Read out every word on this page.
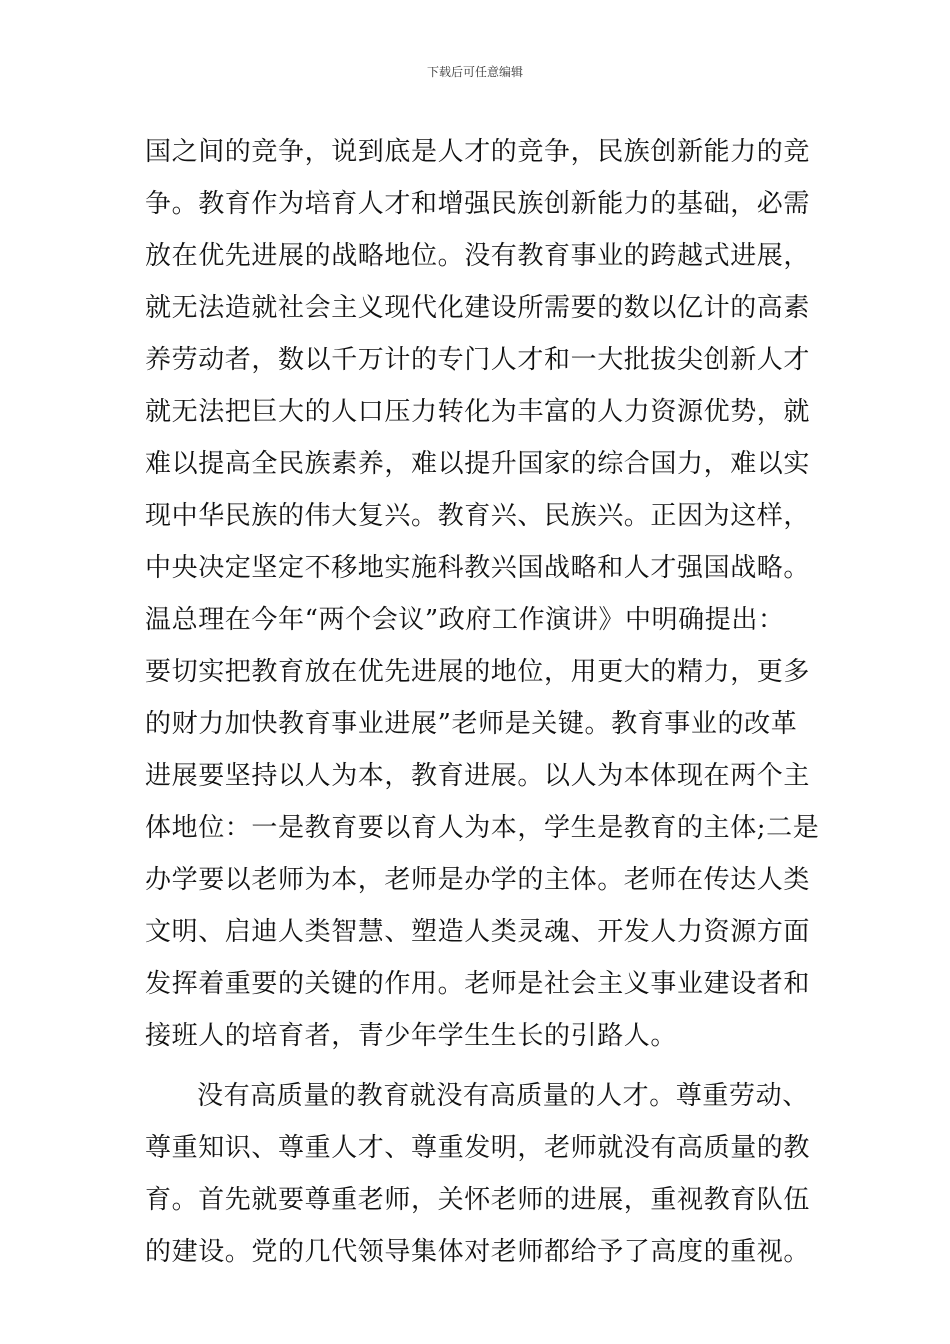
下载后可任意编辑
国之间的竞争，说到底是人才的竞争，民族创新能力的竞
争。教育作为培育人才和增强民族创新能力的基础，必需
放在优先进展的战略地位。没有教育事业的跨越式进展，
就无法造就社会主义现代化建设所需要的数以亿计的高素
养劳动者，数以千万计的专门人才和一大批拔尖创新人才
就无法把巨大的人口压力转化为丰富的人力资源优势，就
难以提高全民族素养，难以提升国家的综合国力，难以实
现中华民族的伟大复兴。教育兴、民族兴。正因为这样，
中央决定坚定不移地实施科教兴国战略和人才强国战略。
温总理在今年“两个会议”政府工作演讲》中明确提出：
要切实把教育放在优先进展的地位，用更大的精力，更多
的财力加快教育事业进展”老师是关键。教育事业的改革
进展要坚持以人为本，教育进展。以人为本体现在两个主
体地位：一是教育要以育人为本，学生是教育的主体;二是
办学要以老师为本，老师是办学的主体。老师在传达人类
文明、启迪人类智慧、塑造人类灵魂、开发人力资源方面
发挥着重要的关键的作用。老师是社会主义事业建设者和
接班人的培育者，青少年学生生长的引路人。
没有高质量的教育就没有高质量的人才。尊重劳动、
尊重知识、尊重人才、尊重发明，老师就没有高质量的教
育。首先就要尊重老师，关怀老师的进展，重视教育队伍
的建设。党的几代领导集体对老师都给予了高度的重视。
